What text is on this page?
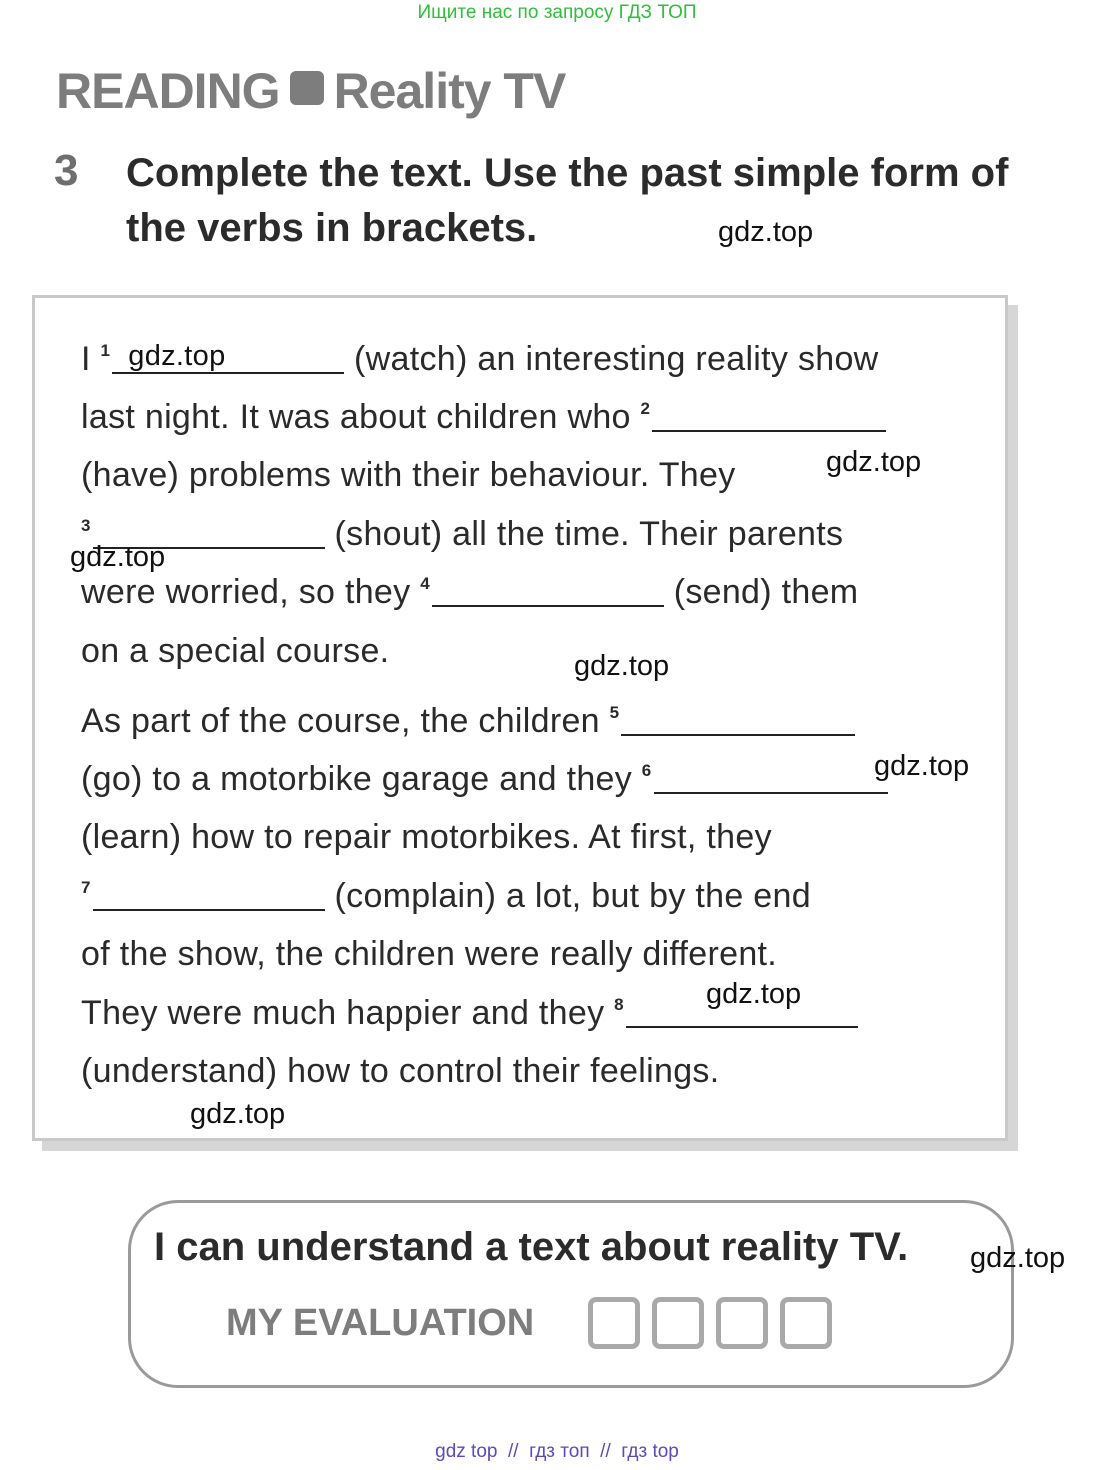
Ищите нас по запросу ГДЗ ТОП
READING Reality TV
3 Complete the text. Use the past simple form of
the verbs in brackets.	gdz.top
I $^1$ gdz.top	(watch) an interesting reality show
last night. It was about children who $^2$
(have) problems with their behaviour. They	gdz.top
$^3$	(shout) all the time. Their parents
gdz.top
were worried, so they $^4$	(send) them
on a special course.	gdz.top
As part of the course, the children $^5$
(go) to a motorbike garage and they $^6$	gdz.top
(learn) how to repair motorbikes. At first, they
$^7$	(complain) a lot, but by the end
of the show, the children were really different.
They were much happier and they $^8$	gdz.top
(understand) how to control their feelings.
gdz.top
I can understand a text about reality TV. gdz.top
MY EVALUATION
gdz top  //  гдз топ  //  гдз top
